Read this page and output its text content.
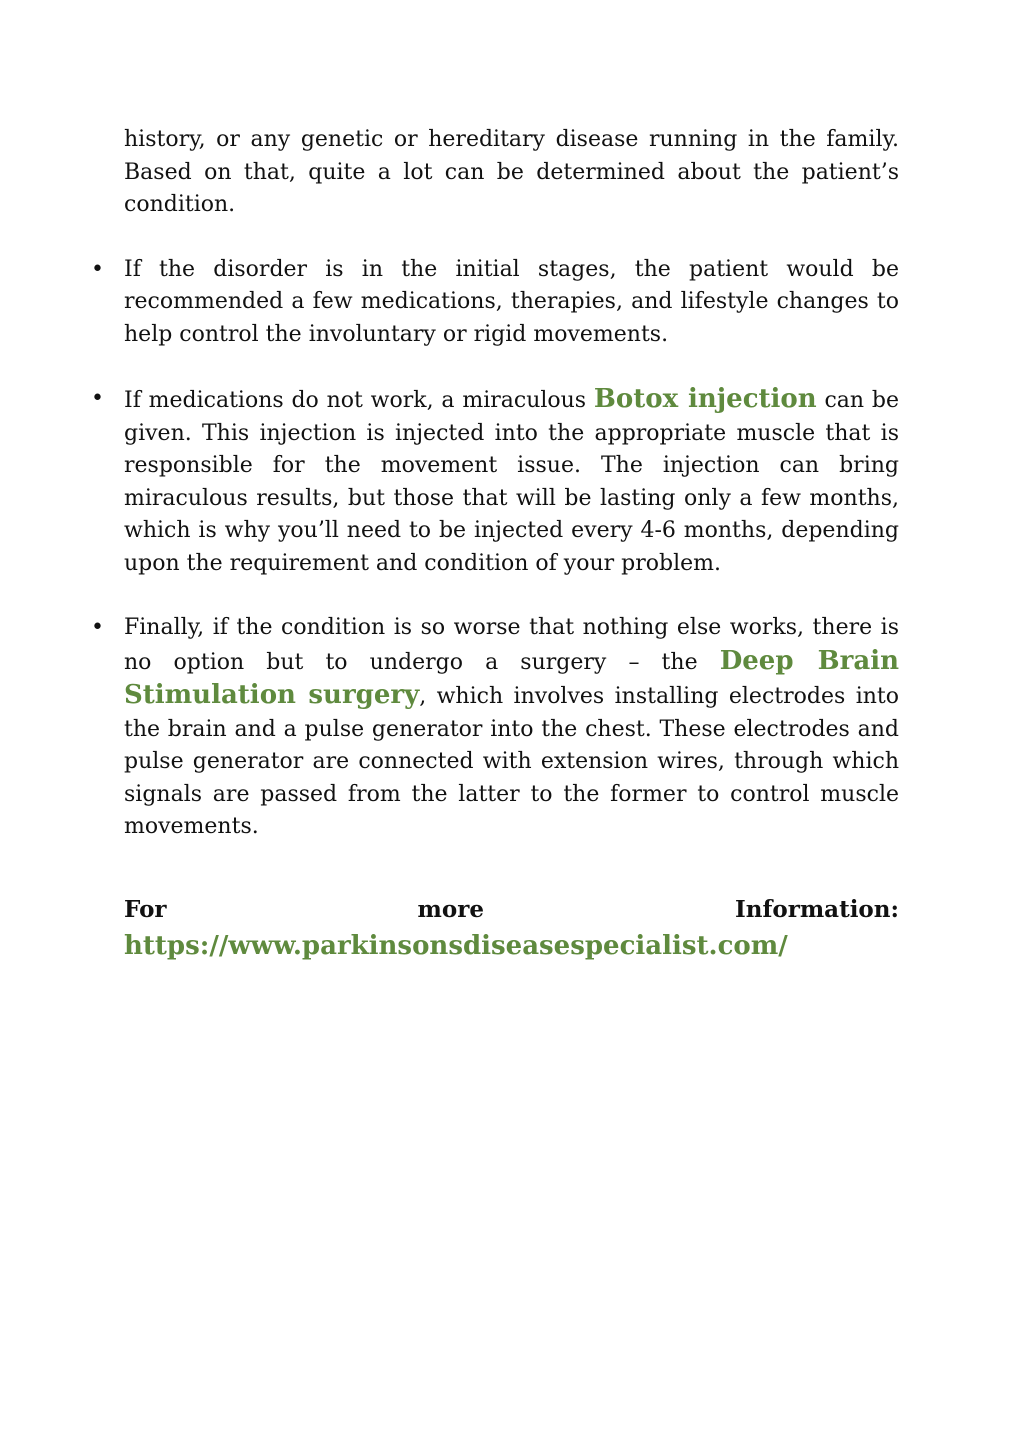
history, or any genetic or hereditary disease running in the family. Based on that, quite a lot can be determined about the patient’s condition.

• If the disorder is in the initial stages, the patient would be recommended a few medications, therapies, and lifestyle changes to help control the involuntary or rigid movements.

• If medications do not work, a miraculous Botox injection can be given. This injection is injected into the appropriate muscle that is responsible for the movement issue. The injection can bring miraculous results, but those that will be lasting only a few months, which is why you’ll need to be injected every 4-6 months, depending upon the requirement and condition of your problem.

• Finally, if the condition is so worse that nothing else works, there is no option but to undergo a surgery – the Deep Brain Stimulation surgery, which involves installing electrodes into the brain and a pulse generator into the chest. These electrodes and pulse generator are connected with extension wires, through which signals are passed from the latter to the former to control muscle movements.

For	more	Information:
https://www.parkinsonsdiseasespecialist.com/
